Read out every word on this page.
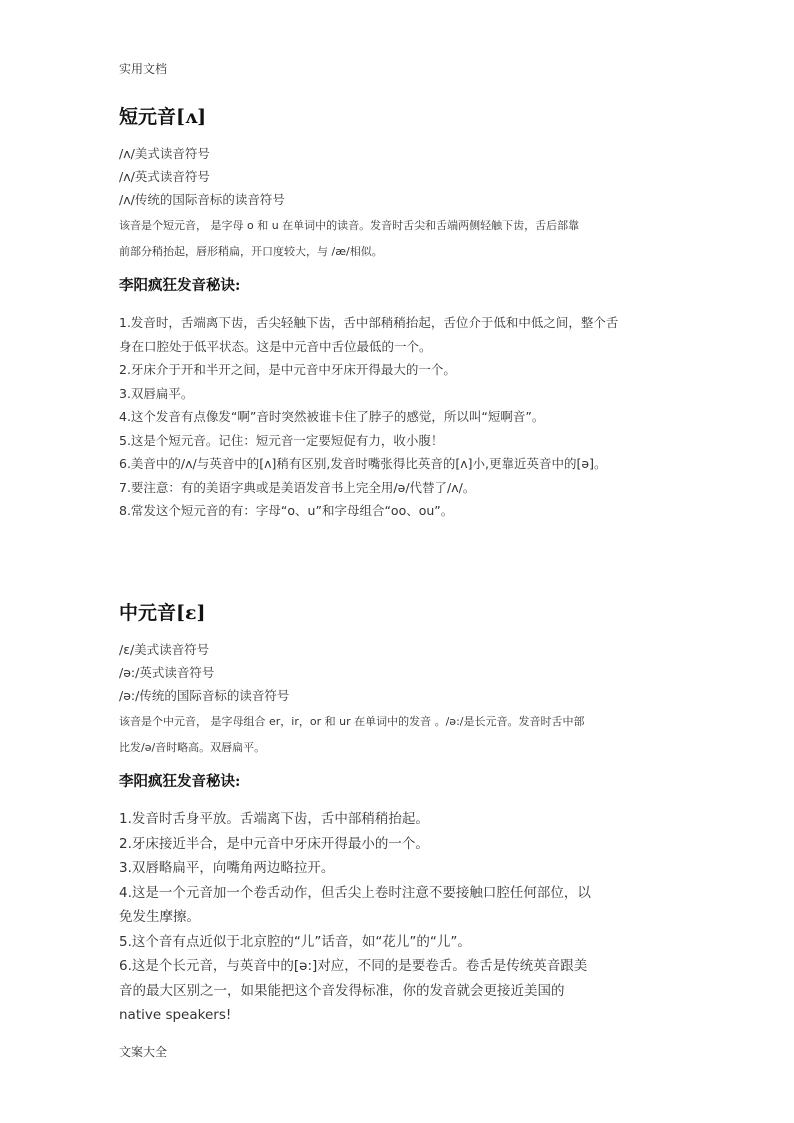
实用文档
短元音[ʌ]
/ʌ/美式读音符号
/ʌ/英式读音符号
/ʌ/传统的国际音标的读音符号
该音是个短元音， 是字母 o 和 u 在单词中的读音。发音时舌尖和舌端两侧轻触下齿，舌后部靠
前部分稍抬起，唇形稍扁，开口度较大，与 /æ/相似。
李阳疯狂发音秘诀:
1.发音时，舌端离下齿，舌尖轻触下齿，舌中部稍稍抬起，舌位介于低和中低之间，整个舌
身在口腔处于低平状态。这是中元音中舌位最低的一个。
2.牙床介于开和半开之间，是中元音中牙床开得最大的一个。
3.双唇扁平。
4.这个发音有点像发“啊”音时突然被谁卡住了脖子的感觉，所以叫“短啊音”。
5.这是个短元音。记住：短元音一定要短促有力，收小腹！
6.美音中的/ʌ/与英音中的[ʌ]稍有区别,发音时嘴张得比英音的[ʌ]小,更靠近英音中的[ə]。
7.要注意：有的美语字典或是美语发音书上完全用/ə/代替了/ʌ/。
8.常发这个短元音的有：字母“o、u”和字母组合“oo、ou”。
中元音[ɛ]
/ɛ/美式读音符号
/ə:/英式读音符号
/ə:/传统的国际音标的读音符号
该音是个中元音， 是字母组合 er，ir，or 和 ur 在单词中的发音 。/ə:/是长元音。发音时舌中部
比发/ə/音时略高。双唇扁平。
李阳疯狂发音秘诀:
1.发音时舌身平放。舌端离下齿，舌中部稍稍抬起。
2.牙床接近半合，是中元音中牙床开得最小的一个。
3.双唇略扁平，向嘴角两边略拉开。
4.这是一个元音加一个卷舌动作，但舌尖上卷时注意不要接触口腔任何部位，以
免发生摩擦。
5.这个音有点近似于北京腔的“儿”话音，如“花儿”的“儿”。
6.这是个长元音，与英音中的[ə:]对应，不同的是要卷舌。卷舌是传统英音跟美
音的最大区别之一，如果能把这个音发得标准，你的发音就会更接近美国的
native speakers!
文案大全
